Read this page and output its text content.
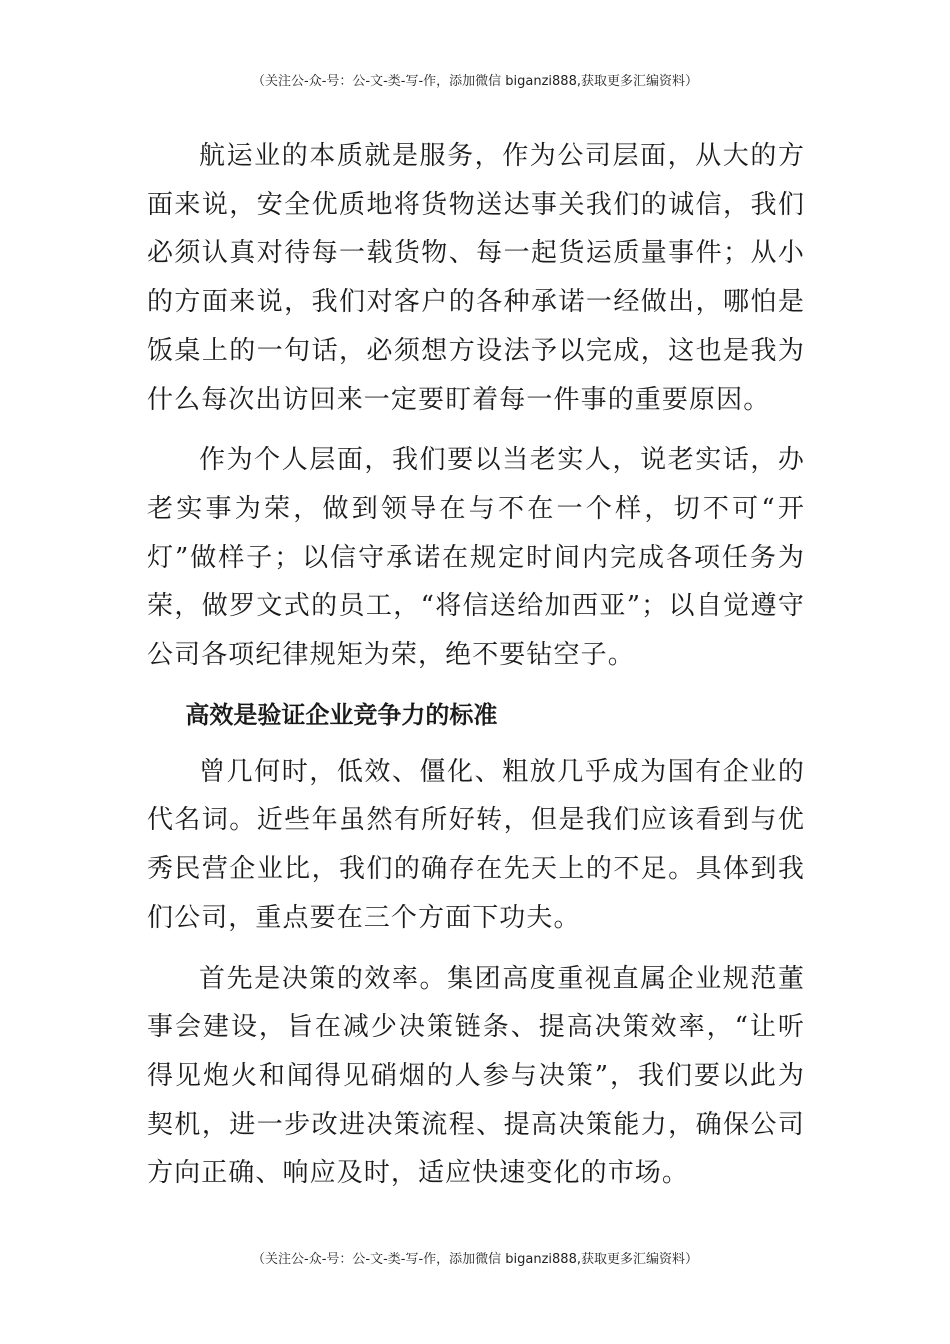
（关注公-众-号：公-文-类-写-作，添加微信 biganzi888,获取更多汇编资料）

航运业的本质就是服务，作为公司层面，从大的方面来说，安全优质地将货物送达事关我们的诚信，我们必须认真对待每一载货物、每一起货运质量事件；从小的方面来说，我们对客户的各种承诺一经做出，哪怕是饭桌上的一句话，必须想方设法予以完成，这也是我为什么每次出访回来一定要盯着每一件事的重要原因。

作为个人层面，我们要以当老实人，说老实话，办老实事为荣，做到领导在与不在一个样，切不可“开灯”做样子；以信守承诺在规定时间内完成各项任务为荣，做罗文式的员工，“将信送给加西亚”；以自觉遵守公司各项纪律规矩为荣，绝不要钻空子。

高效是验证企业竞争力的标准

曾几何时，低效、僵化、粗放几乎成为国有企业的代名词。近些年虽然有所好转，但是我们应该看到与优秀民营企业比，我们的确存在先天上的不足。具体到我们公司，重点要在三个方面下功夫。

首先是决策的效率。集团高度重视直属企业规范董事会建设，旨在减少决策链条、提高决策效率，“让听得见炮火和闻得见硝烟的人参与决策”，我们要以此为契机，进一步改进决策流程、提高决策能力，确保公司方向正确、响应及时，适应快速变化的市场。

（关注公-众-号：公-文-类-写-作，添加微信 biganzi888,获取更多汇编资料）
